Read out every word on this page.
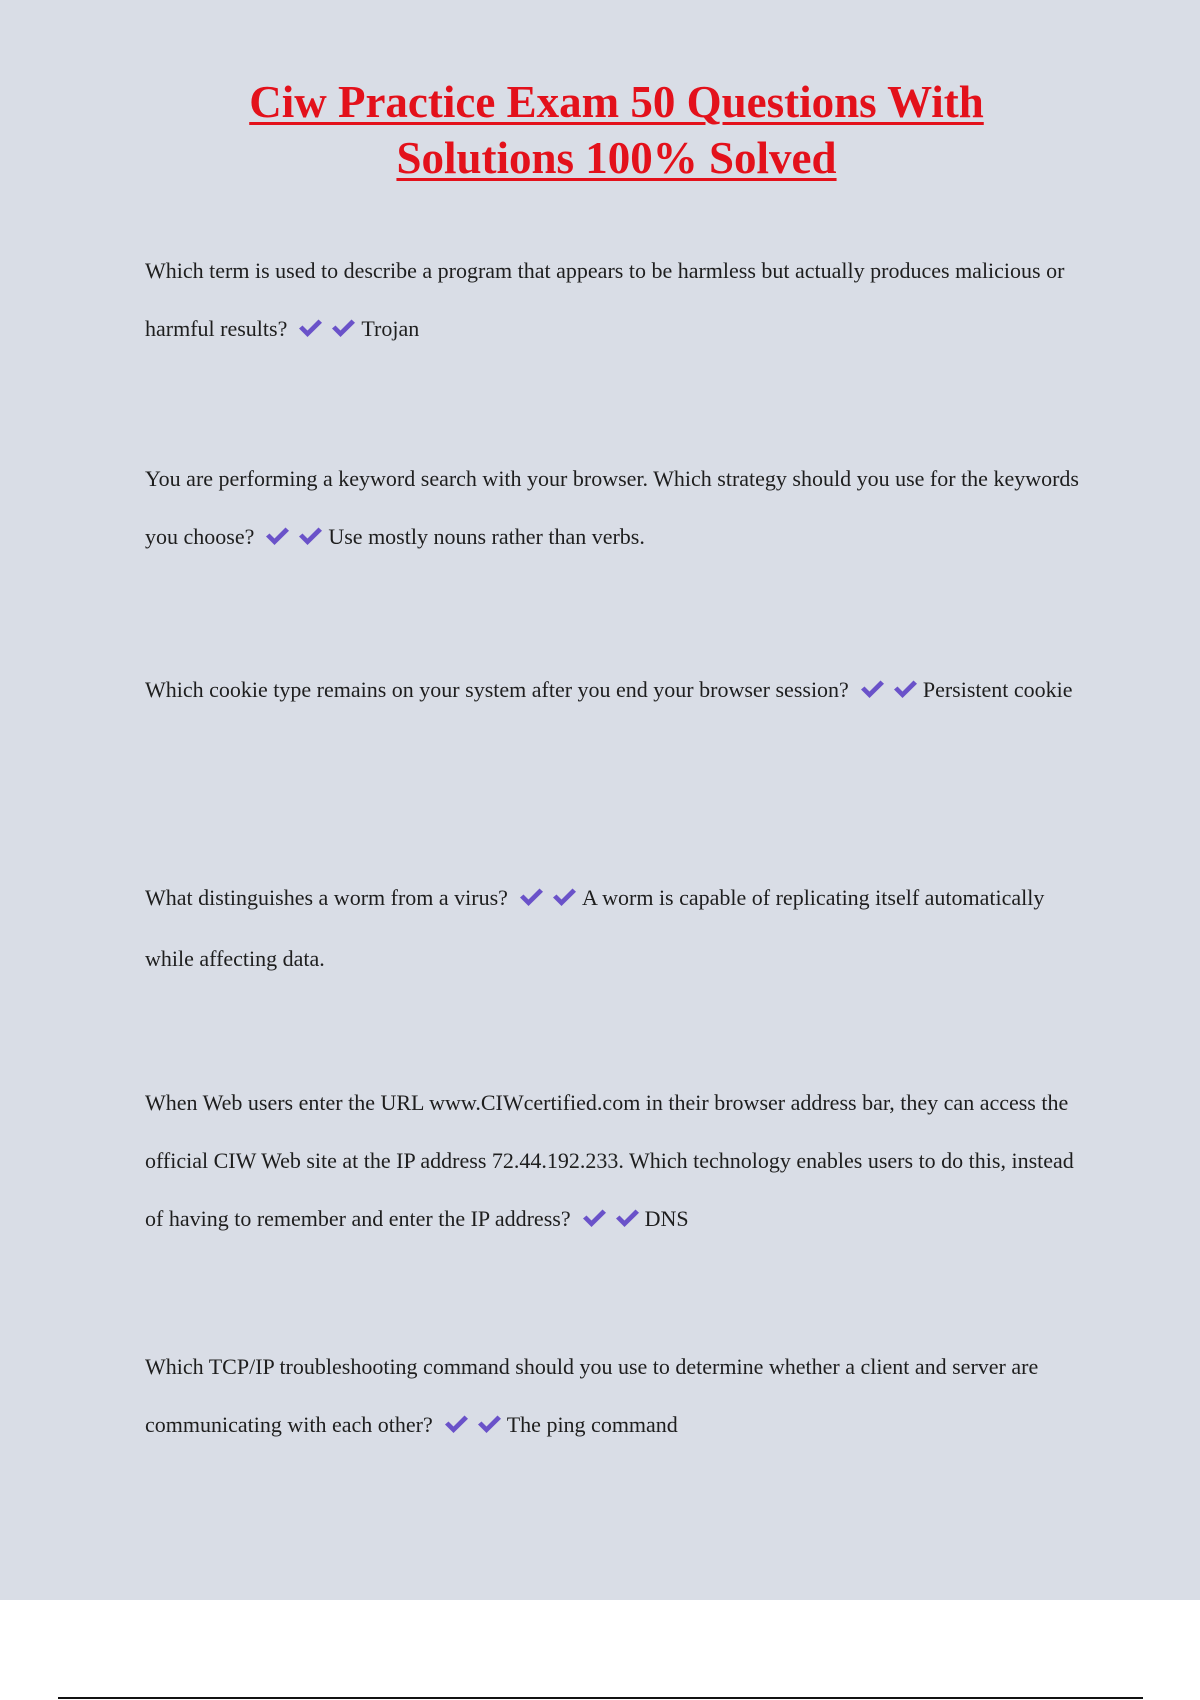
Ciw Practice Exam 50 Questions With
Solutions 100% Solved

Which term is used to describe a program that appears to be harmless but actually produces malicious or harmful results?	Trojan

You are performing a keyword search with your browser. Which strategy should you use for the keywords you choose?	Use mostly nouns rather than verbs.

Which cookie type remains on your system after you end your browser session?	Persistent cookie

What distinguishes a worm from a virus?	A worm is capable of replicating itself automatically while affecting data.

When Web users enter the URL www.CIWcertified.com in their browser address bar, they can access the official CIW Web site at the IP address 72.44.192.233. Which technology enables users to do this, instead of having to remember and enter the IP address?	DNS

Which TCP/IP troubleshooting command should you use to determine whether a client and server are communicating with each other?	The ping command
